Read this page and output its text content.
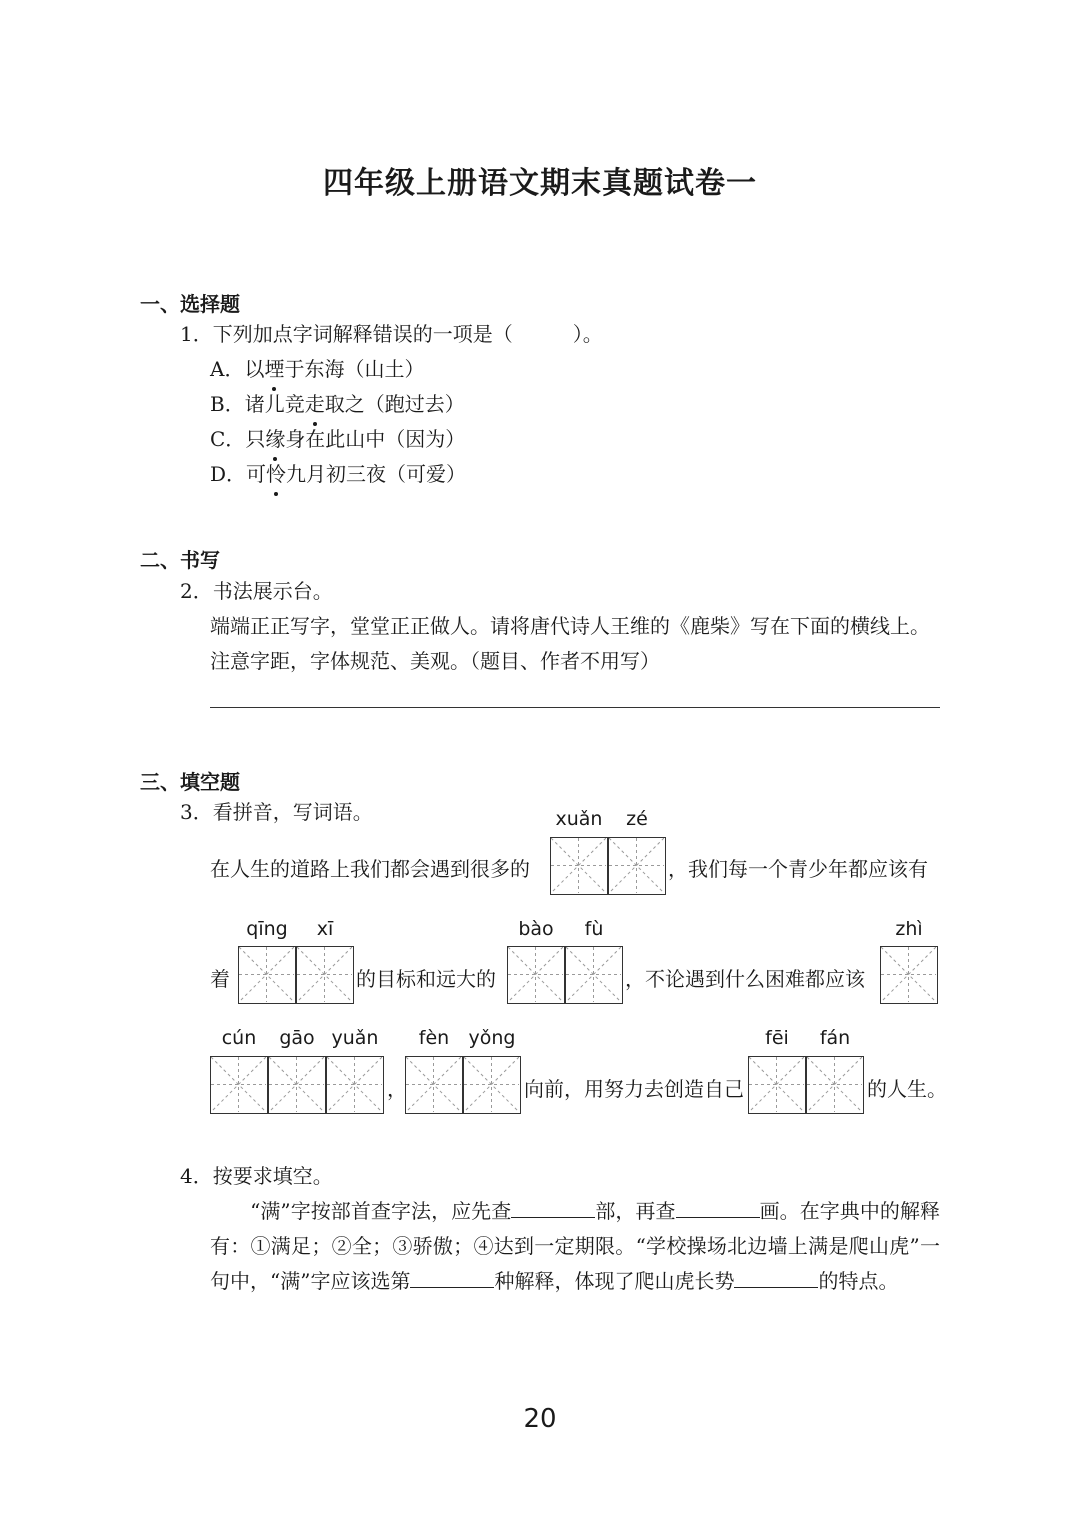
四年级上册语文期末真题试卷一
一、选择题
1．下列加点字词解释错误的一项是（　　　）。
A．以堙于东海（山土）
B．诸儿竞走取之（跑过去）
C．只缘身在此山中（因为）
D．可怜九月初三夜（可爱）
二、书写
2．书法展示台。
端端正正写字，堂堂正正做人。请将唐代诗人王维的《鹿柴》写在下面的横线上。
注意字距，字体规范、美观。（题目、作者不用写）
三、填空题
3．看拼音，写词语。	xuǎn	zé
在人生的道路上我们都会遇到很多的	，我们每一个青少年都应该有
qīng	xī	bào	fù	zhì
着	的目标和远大的	，不论遇到什么困难都应该
cún	gāo yuǎn	fèn	yǒng	fēi	fán
，	向前，用努力去创造自己	的人生。
4．按要求填空。
　　“满”字按部首查字法，应先查	部，再查	画。在字典中的解释有：①满足；②全；③骄傲；④达到一定期限。“学校操场北边墙上满是爬山虎”一句中，“满”字应该选第	种解释，体现了爬山虎长势	的特点。
20
